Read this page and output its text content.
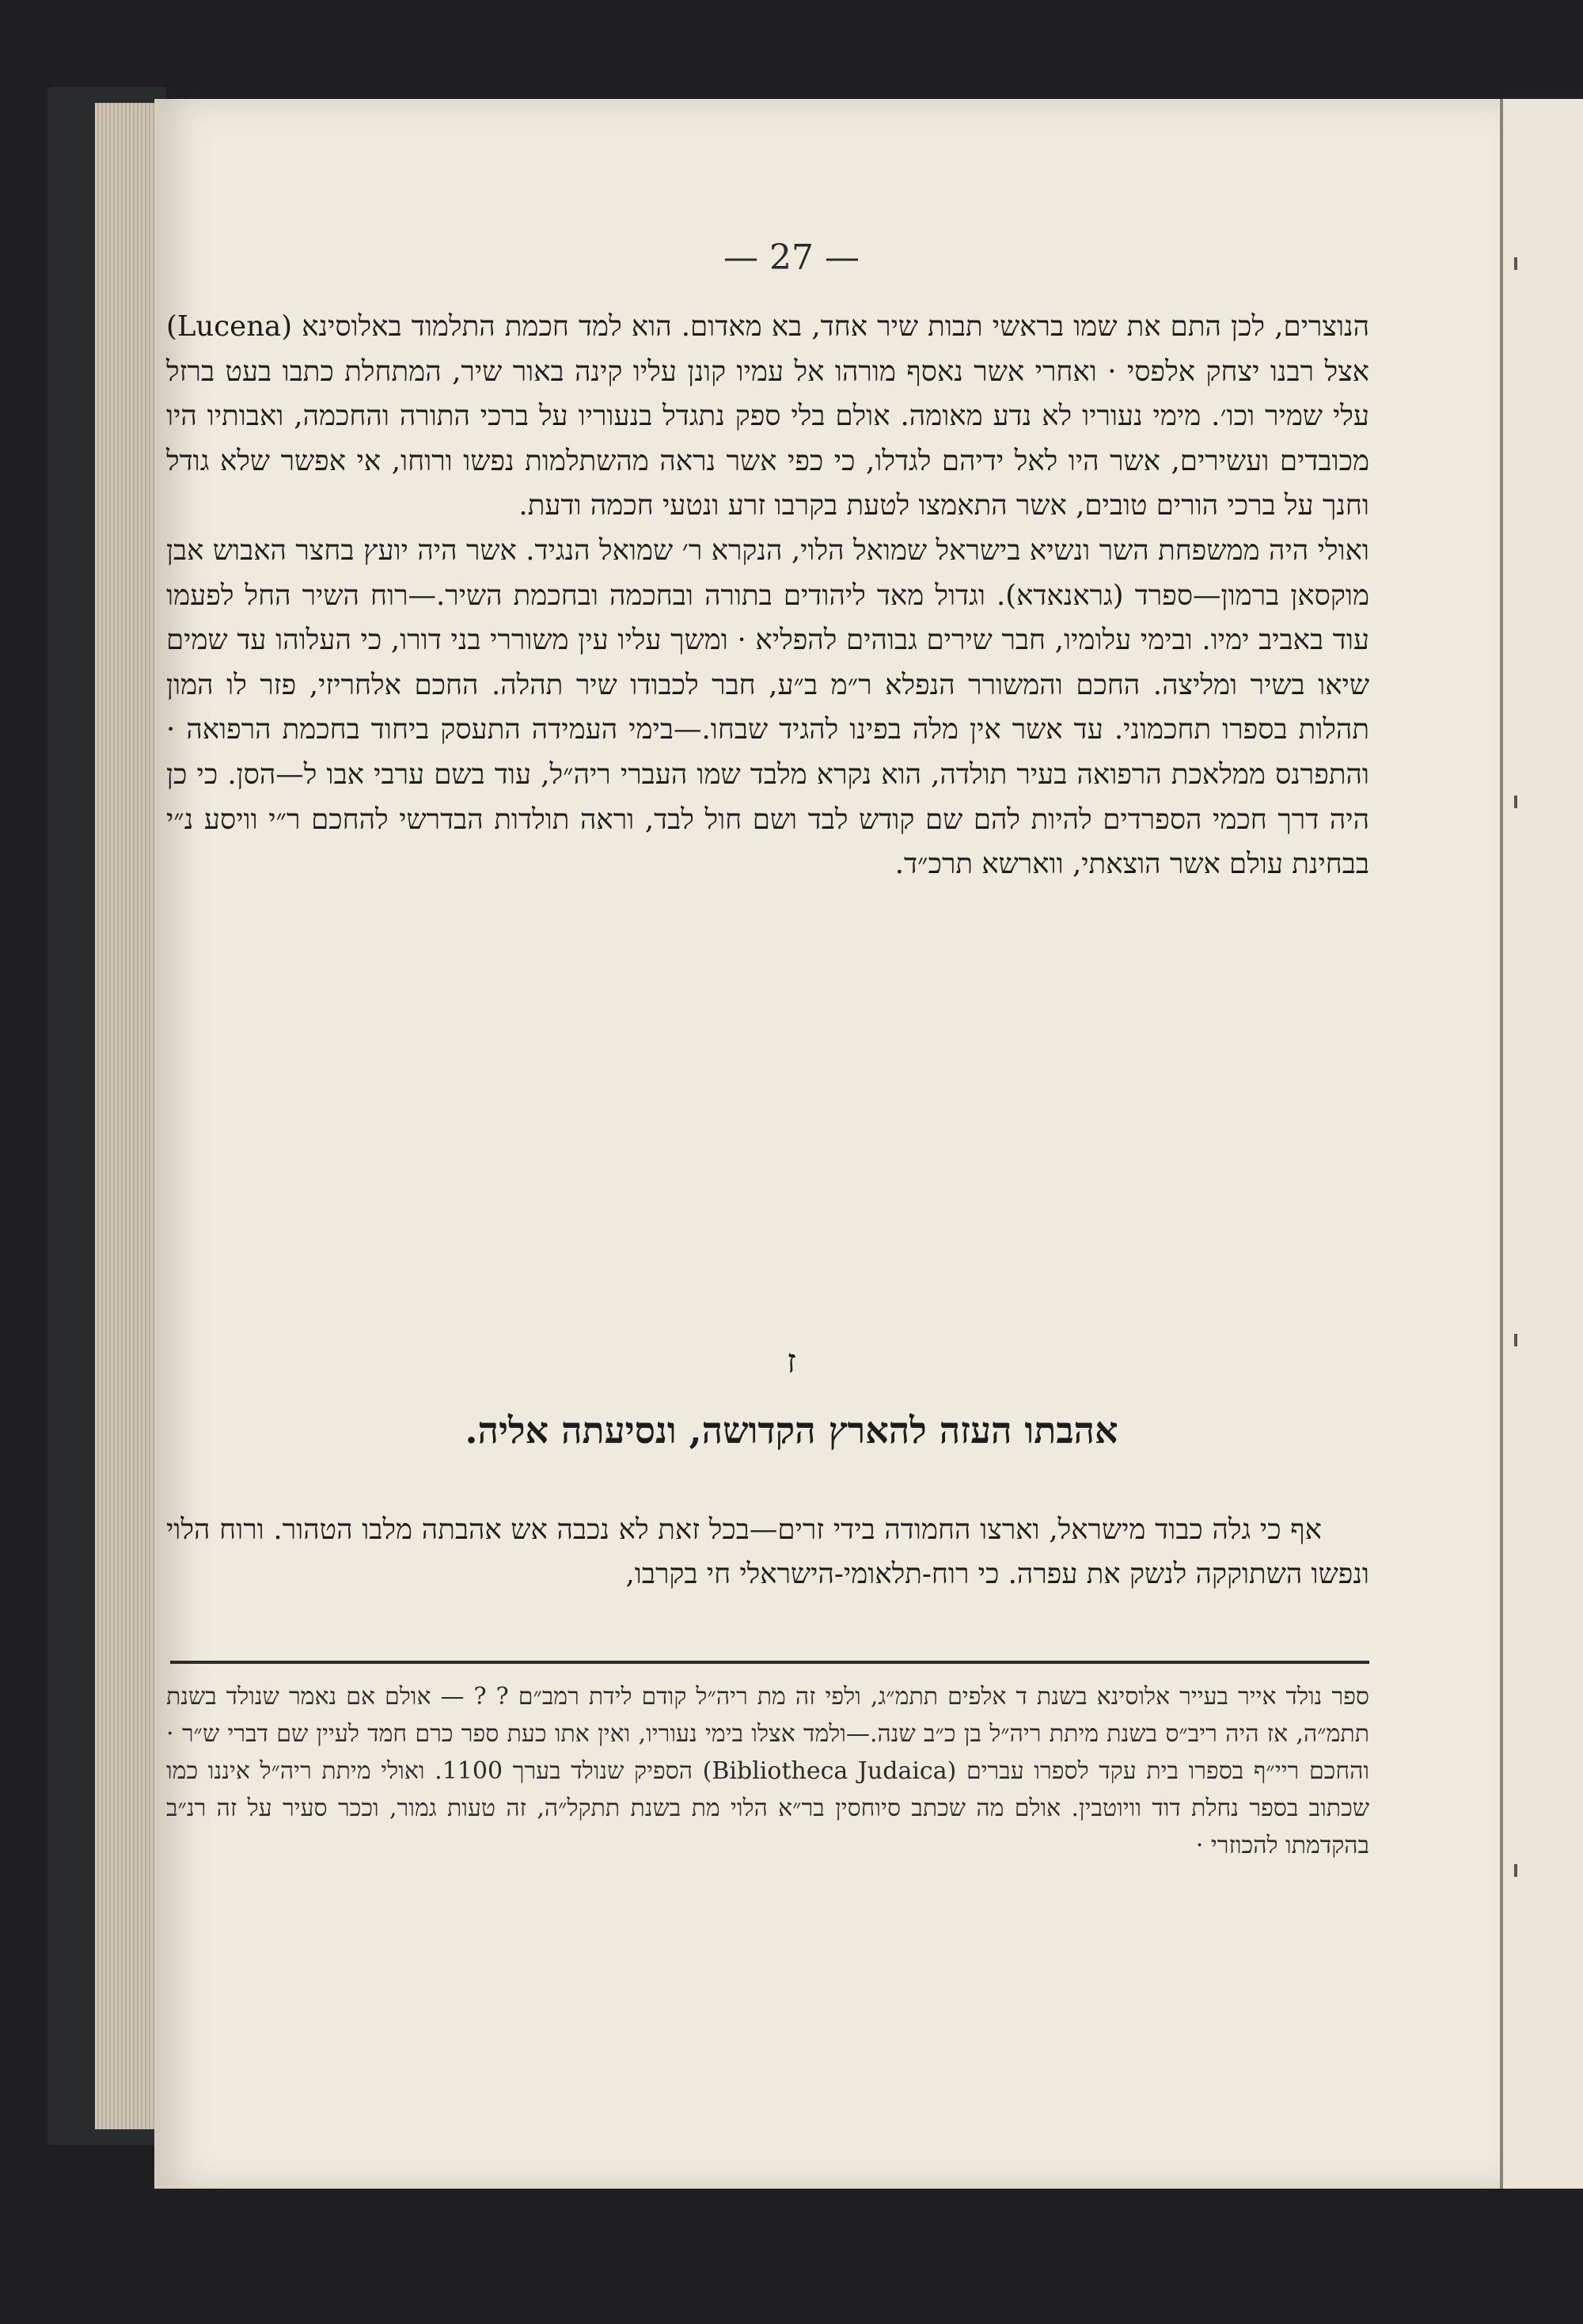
— 27 —

הנוצרים, לכן התם את שמו בראשי תבות שיר אחד, בא מאדום. הוא למד חכמת התלמוד באלוסינא (Lucena) אצל רבנו יצחק אלפסי · ואחרי אשר נאסף מורהו אל עמיו קונן עליו קינה באור שיר, המתחלת כתבו בעט ברזל עלי שמיר וכו׳. מימי נעוריו לא נדע מאומה. אולם בלי ספק נתגדל בנעוריו על ברכי התורה והחכמה, ואבותיו היו מכובדים ועשירים, אשר היו לאל ידיהם לגדלו, כי כפי אשר נראה מהשתלמות נפשו ורוחו, אי אפשר שלא גודל וחנך על ברכי הורים טובים, אשר התאמצו לטעת בקרבו זרע ונטעי חכמה ודעת.

ואולי היה ממשפחת השר ונשיא בישראל שמואל הלוי, הנקרא ר׳ שמואל הנגיד. אשר היה יועץ בחצר האבוש אבן מוקסאן ברמון—ספרד (גראנאדא). וגדול מאד ליהודים בתורה ובחכמה ובחכמת השיר.—רוח השיר החל לפעמו עוד באביב ימיו. ובימי עלומיו, חבר שירים גבוהים להפליא · ומשך עליו עין משוררי בני דורו, כי העלוהו עד שמים שיאו בשיר ומליצה. החכם והמשורר הנפלא ר״מ ב״ע, חבר לכבודו שיר תהלה. החכם אלחריזי, פזר לו המון תהלות בספרו תחכמוני. עד אשר אין מלה בפינו להגיד שבחו.—בימי העמידה התעסק ביחוד בחכמת הרפואה · והתפרנס ממלאכת הרפואה בעיר תולדה, הוא נקרא מלבד שמו העברי ריה״ל, עוד בשם ערבי אבו ל—הסן. כי כן היה דרך חכמי הספרדים להיות להם שם קודש לבד ושם חול לבד, וראה תולדות הבדרשי להחכם ר״י וויסע נ״י בבחינת עולם אשר הוצאתי, ווארשא תרכ״ד.

ז
אהבתו העזה להארץ הקדושה, ונסיעתה אליה.

אף כי גלה כבוד מישראל, וארצו החמודה בידי זרים—בכל זאת לא נכבה אש אהבתה מלבו הטהור. ורוח הלוי ונפשו השתוקקה לנשק את עפרה. כי רוח-תלאומי-הישראלי חי בקרבו,

ספר נולד אייר בעייר אלוסינא בשנת ד אלפים תתמ״ג, ולפי זה מת ריה״ל קודם לידת רמב״ם ? ? — אולם אם נאמר שנולד בשנת תתמ״ה, אז היה ריב״ס בשנת מיתת ריה״ל בן כ״ב שנה.—ולמד אצלו בימי נעוריו, ואין אתו כעת ספר כרם חמד לעיין שם דברי ש״ר · והחכם ריי״ף בספרו בית עקד לספרו עברים (Bibliotheca Judaica) הספיק שנולד בערך 1100. ואולי מיתת ריה״ל איננו כמו שכתוב בספר נחלת דוד וויוטבין. אולם מה שכתב סיוחסין בר״א הלוי מת בשנת תתקל״ה, זה טעות גמור, וככר סעיר על זה רנ״ב בהקדמתו להכוזרי ·
